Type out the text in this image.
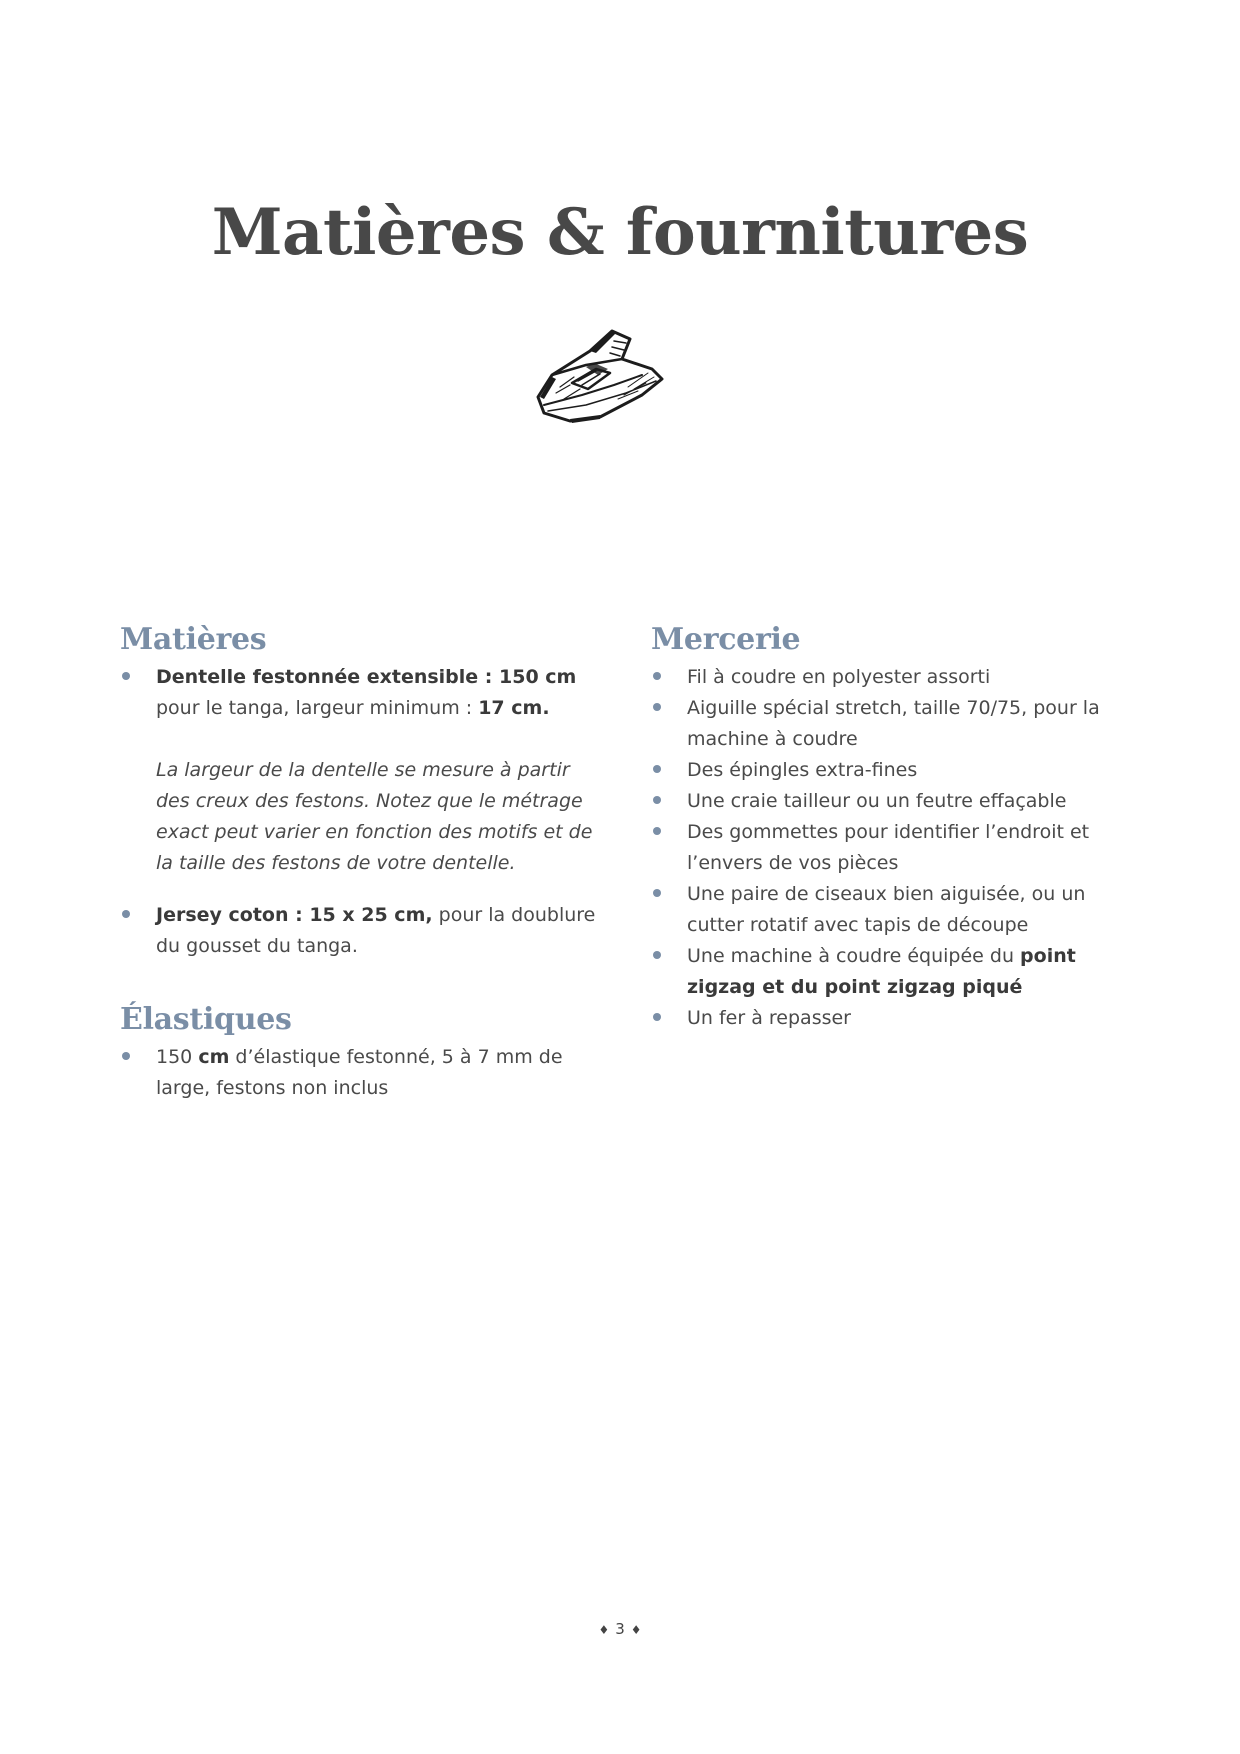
Matières & fournitures
Matières
Dentelle festonnée extensible : 150 cm pour le tanga, largeur minimum : 17 cm.
La largeur de la dentelle se mesure à partir des creux des festons. Notez que le métrage exact peut varier en fonction des motifs et de la taille des festons de votre dentelle.
Jersey coton : 15 x 25 cm, pour la doublure du gousset du tanga.
Élastiques
150 cm d’élastique festonné, 5 à 7 mm de large, festons non inclus
Mercerie
Fil à coudre en polyester assorti
Aiguille spécial stretch, taille 70/75, pour la machine à coudre
Des épingles extra-fines
Une craie tailleur ou un feutre effaçable
Des gommettes pour identifier l’endroit et l’envers de vos pièces
Une paire de ciseaux bien aiguisée, ou un cutter rotatif avec tapis de découpe
Une machine à coudre équipée du point zigzag et du point zigzag piqué
Un fer à repasser
♦ 3 ♦
